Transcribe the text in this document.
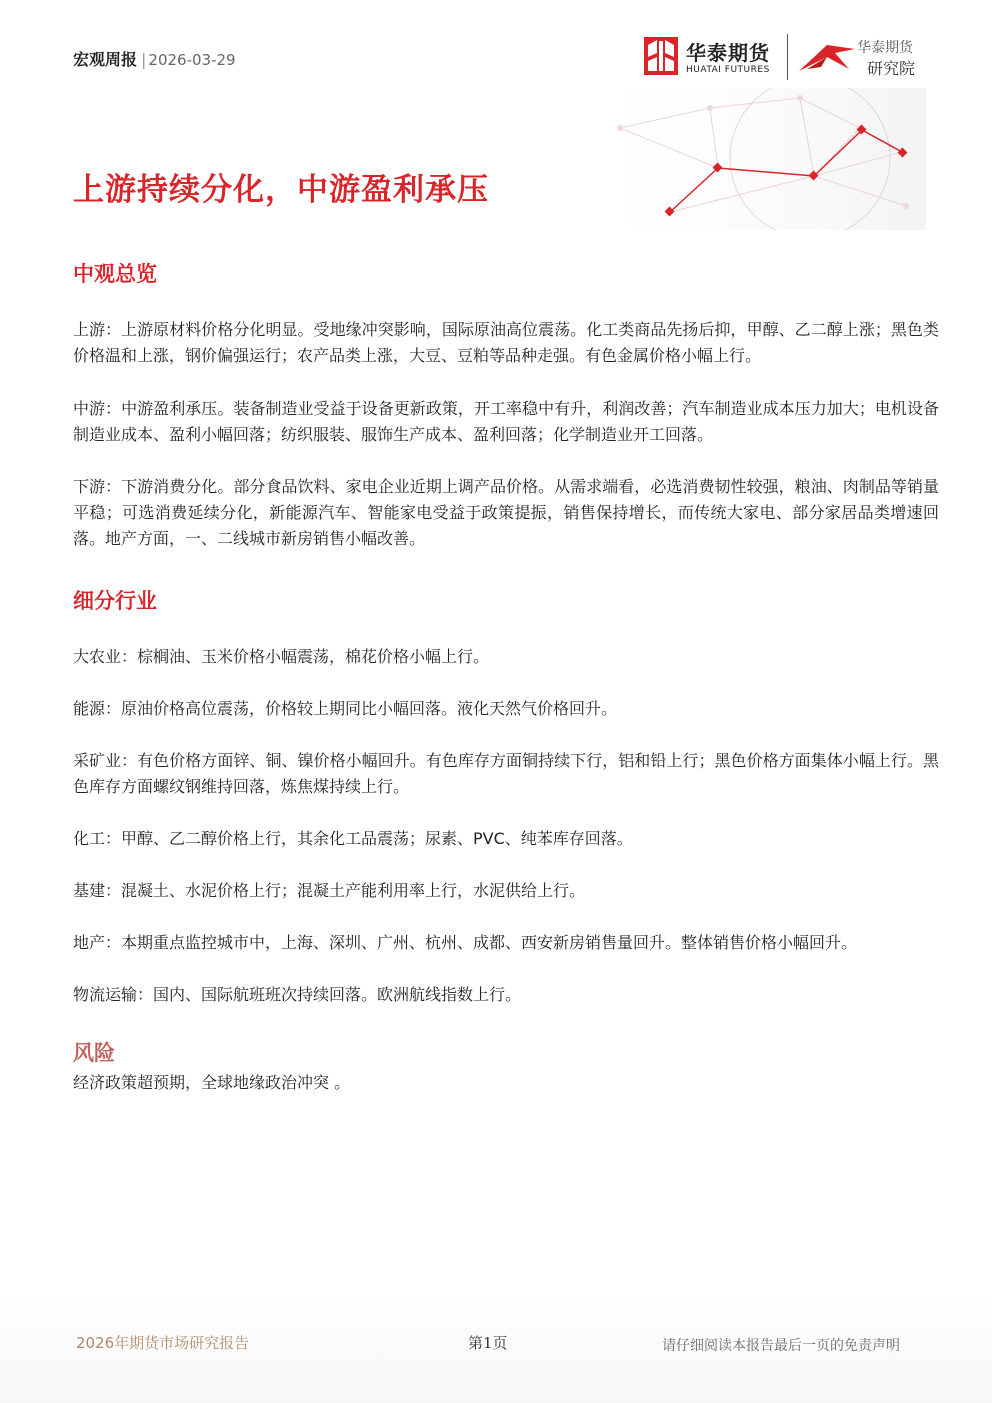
宏观周报 | 2026-03-29	华泰期货
HUATAI FUTURES
华泰期货
研究院
上游持续分化，中游盈利承压
中观总览
上游：上游原材料价格分化明显。受地缘冲突影响，国际原油高位震荡。化工类商品先扬后抑，甲醇、乙二醇上涨；黑色类价格温和上涨，钢价偏强运行；农产品类上涨，大豆、豆粕等品种走强。有色金属价格小幅上行。
中游：中游盈利承压。装备制造业受益于设备更新政策，开工率稳中有升，利润改善；汽车制造业成本压力加大；电机设备制造业成本、盈利小幅回落；纺织服装、服饰生产成本、盈利回落；化学制造业开工回落。
下游：下游消费分化。部分食品饮料、家电企业近期上调产品价格。从需求端看，必选消费韧性较强，粮油、肉制品等销量平稳；可选消费延续分化，新能源汽车、智能家电受益于政策提振，销售保持增长，而传统大家电、部分家居品类增速回落。地产方面，一、二线城市新房销售小幅改善。
细分行业
大农业：棕榈油、玉米价格小幅震荡，棉花价格小幅上行。
能源：原油价格高位震荡，价格较上期同比小幅回落。液化天然气价格回升。
采矿业：有色价格方面锌、铜、镍价格小幅回升。有色库存方面铜持续下行，铝和铅上行；黑色价格方面集体小幅上行。黑色库存方面螺纹钢维持回落，炼焦煤持续上行。
化工：甲醇、乙二醇价格上行，其余化工品震荡；尿素、PVC、纯苯库存回落。
基建：混凝土、水泥价格上行；混凝土产能利用率上行，水泥供给上行。
地产：本期重点监控城市中，上海、深圳、广州、杭州、成都、西安新房销售量回升。整体销售价格小幅回升。
物流运输：国内、国际航班班次持续回落。欧洲航线指数上行。
风险
经济政策超预期，全球地缘政治冲突 。
2026年期货市场研究报告	第1页	请仔细阅读本报告最后一页的免责声明
